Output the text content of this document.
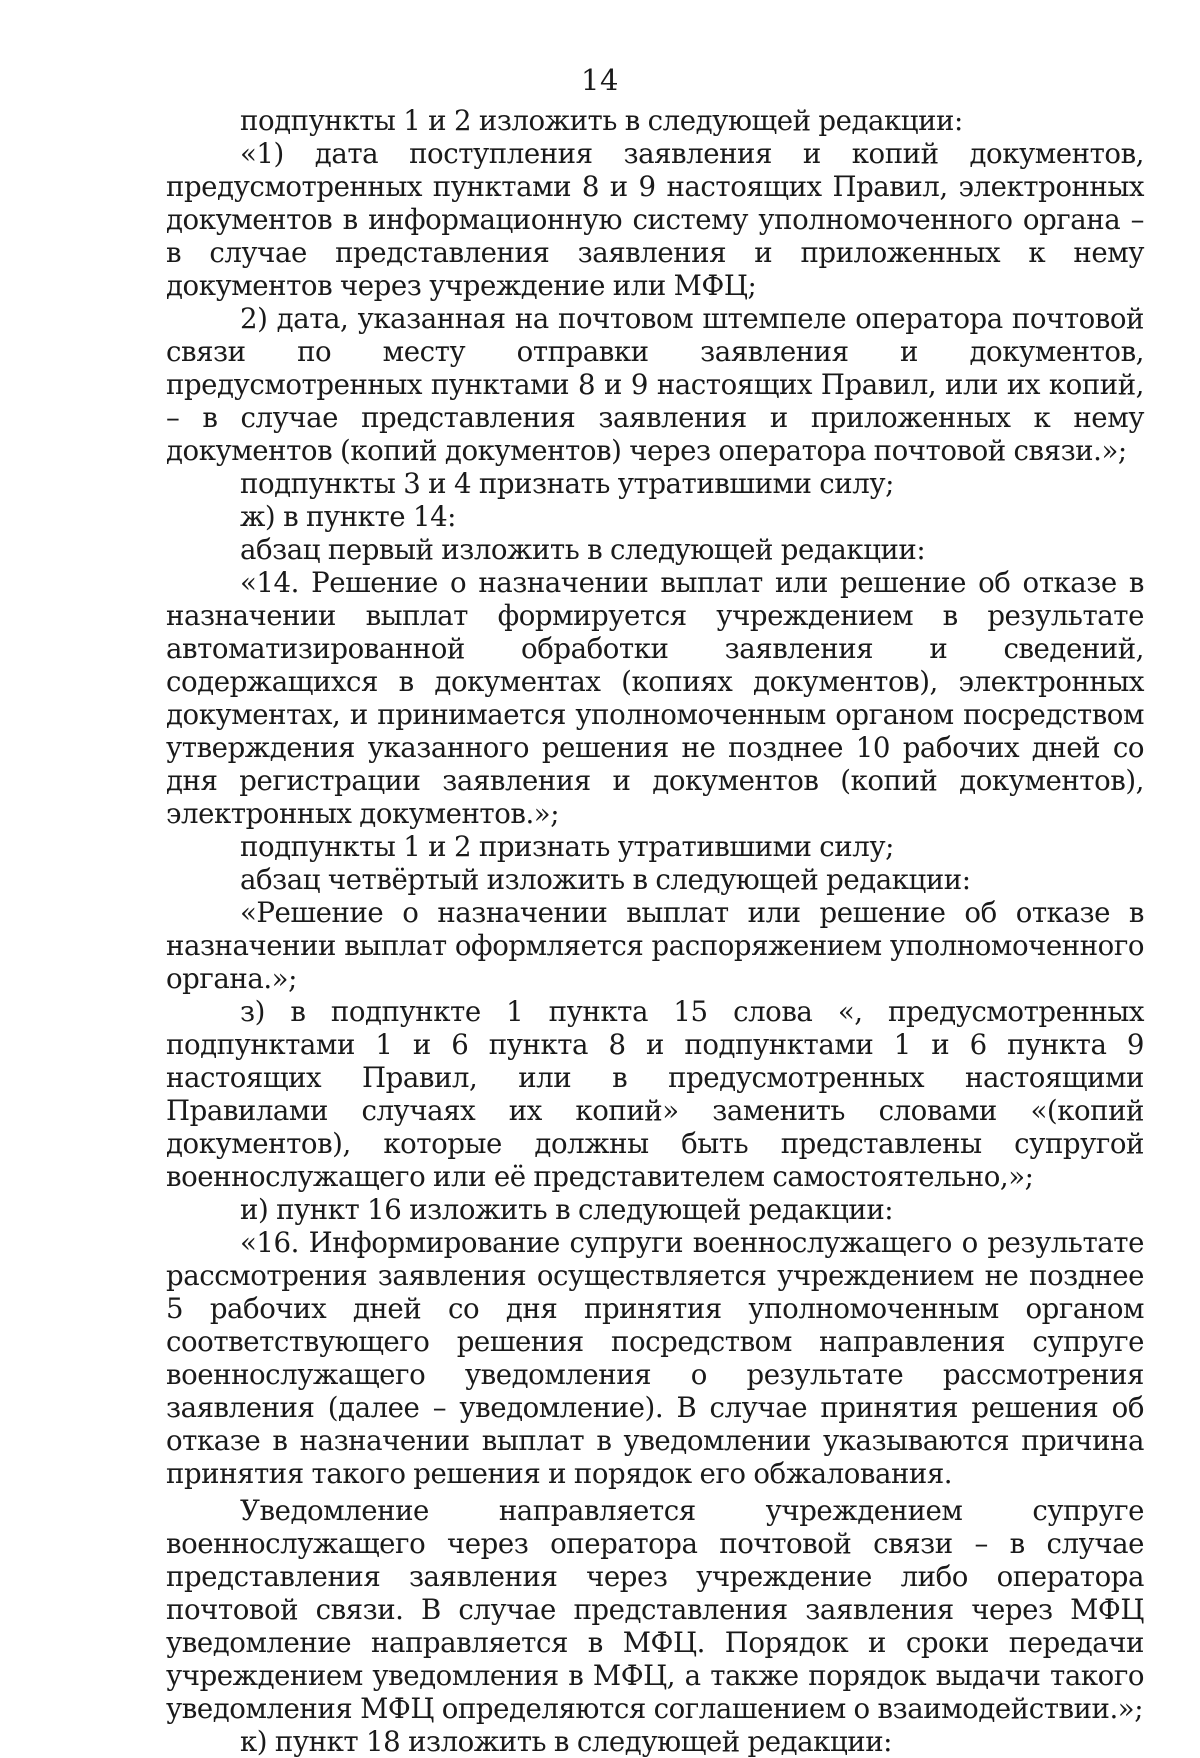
14

подпункты 1 и 2 изложить в следующей редакции:

«1) дата поступления заявления и копий документов, предусмотренных пунктами 8 и 9 настоящих Правил, электронных документов в информационную систему уполномоченного органа – в случае представления заявления и приложенных к нему документов через учреждение или МФЦ;

2) дата, указанная на почтовом штемпеле оператора почтовой связи по месту отправки заявления и документов, предусмотренных пунктами 8 и 9 настоящих Правил, или их копий, – в случае представления заявления и приложенных к нему документов (копий документов) через оператора почтовой связи.»;

подпункты 3 и 4 признать утратившими силу;

ж) в пункте 14:

абзац первый изложить в следующей редакции:

«14. Решение о назначении выплат или решение об отказе в назначении выплат формируется учреждением в результате автоматизированной обработки заявления и сведений, содержащихся в документах (копиях документов), электронных документах, и принимается уполномоченным органом посредством утверждения указанного решения не позднее 10 рабочих дней со дня регистрации заявления и документов (копий документов), электронных документов.»;

подпункты 1 и 2 признать утратившими силу;

абзац четвёртый изложить в следующей редакции:

«Решение о назначении выплат или решение об отказе в назначении выплат оформляется распоряжением уполномоченного органа.»;

з) в подпункте 1 пункта 15 слова «, предусмотренных подпунктами 1 и 6 пункта 8 и подпунктами 1 и 6 пункта 9 настоящих Правил, или в предусмотренных настоящими Правилами случаях их копий» заменить словами «(копий документов), которые должны быть представлены супругой военнослужащего или её представителем самостоятельно,»;

и) пункт 16 изложить в следующей редакции:

«16. Информирование супруги военнослужащего о результате рассмотрения заявления осуществляется учреждением не позднее 5 рабочих дней со дня принятия уполномоченным органом соответствующего решения посредством направления супруге военнослужащего уведомления о результате рассмотрения заявления (далее – уведомление). В случае принятия решения об отказе в назначении выплат в уведомлении указываются причина принятия такого решения и порядок его обжалования.

Уведомление направляется учреждением супруге военнослужащего через оператора почтовой связи – в случае представления заявления через учреждение либо оператора почтовой связи. В случае представления заявления через МФЦ уведомление направляется в МФЦ. Порядок и сроки передачи учреждением уведомления в МФЦ, а также порядок выдачи такого уведомления МФЦ определяются соглашением о взаимодействии.»;

к) пункт 18 изложить в следующей редакции:
